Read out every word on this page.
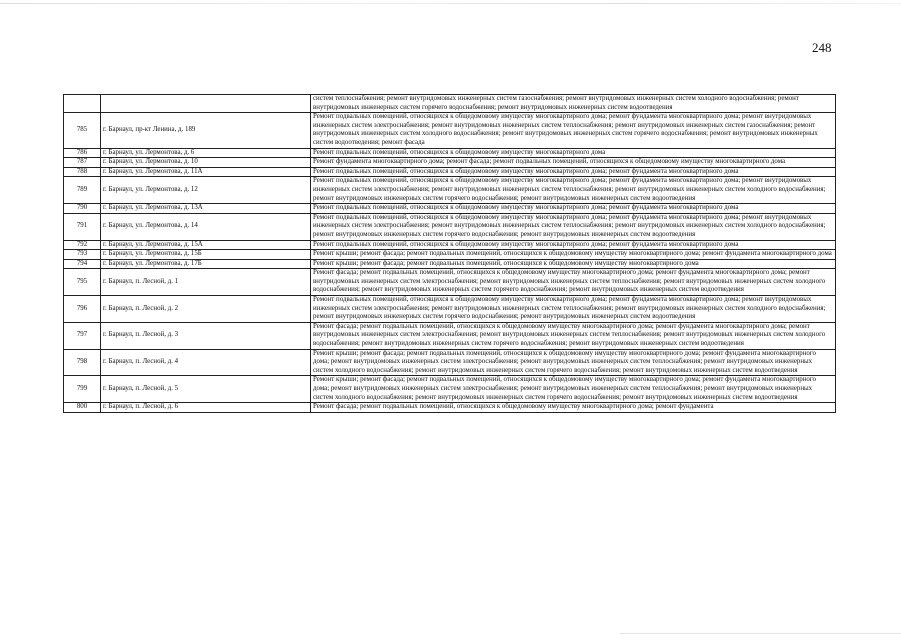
248
		систем теплоснабжения; ремонт внутридомовых инженерных систем газоснабжения; ремонт внутридомовых инженерных систем холодного водоснабжения; ремонт внутридомовых инженерных систем горячего водоснабжения; ремонт внутридомовых инженерных систем водоотведения
785	г. Барнаул, пр-кт Ленина, д. 189	Ремонт подвальных помещений, относящихся к общедомовому имуществу многоквартирного дома; ремонт фундамента многоквартирного дома; ремонт внутридомовых инженерных систем электроснабжения; ремонт внутридомовых инженерных систем теплоснабжения; ремонт внутридомовых инженерных систем газоснабжения; ремонт внутридомовых инженерных систем холодного водоснабжения; ремонт внутридомовых инженерных систем горячего водоснабжения; ремонт внутридомовых инженерных систем водоотведения; ремонт фасада
786	г. Барнаул, ул. Лермонтова, д. 6	Ремонт подвальных помещений, относящихся к общедомовому имуществу многоквартирного дома
787	г. Барнаул, ул. Лермонтова, д. 10	Ремонт фундамента многоквартирного дома; ремонт фасада; ремонт подвальных помещений, относящихся к общедомовому имуществу многоквартирного дома
788	г. Барнаул, ул. Лермонтова, д. 11А	Ремонт подвальных помещений, относящихся к общедомовому имуществу многоквартирного дома; ремонт фундамента многоквартирного дома
789	г. Барнаул, ул. Лермонтова, д. 12	Ремонт подвальных помещений, относящихся к общедомовому имуществу многоквартирного дома; ремонт фундамента многоквартирного дома; ремонт внутридомовых инженерных систем электроснабжения; ремонт внутридомовых инженерных систем теплоснабжения; ремонт внутридомовых инженерных систем холодного водоснабжения; ремонт внутридомовых инженерных систем горячего водоснабжения; ремонт внутридомовых инженерных систем водоотведения
790	г. Барнаул, ул. Лермонтова, д. 13А	Ремонт подвальных помещений, относящихся к общедомовому имуществу многоквартирного дома; ремонт фундамента многоквартирного дома
791	г. Барнаул, ул. Лермонтова, д. 14	Ремонт подвальных помещений, относящихся к общедомовому имуществу многоквартирного дома; ремонт фундамента многоквартирного дома; ремонт внутридомовых инженерных систем электроснабжения; ремонт внутридомовых инженерных систем теплоснабжения; ремонт внутридомовых инженерных систем холодного водоснабжения; ремонт внутридомовых инженерных систем горячего водоснабжения; ремонт внутридомовых инженерных систем водоотведения
792	г. Барнаул, ул. Лермонтова, д. 15А	Ремонт подвальных помещений, относящихся к общедомовому имуществу многоквартирного дома; ремонт фундамента многоквартирного дома
793	г. Барнаул, ул. Лермонтова, д. 15Б	Ремонт крыши; ремонт фасада; ремонт подвальных помещений, относящихся к общедомовому имуществу многоквартирного дома; ремонт фундамента многоквартирного дома
794	г. Барнаул, ул. Лермонтова, д. 17Б	Ремонт крыши; ремонт фасада; ремонт подвальных помещений, относящихся к общедомовому имуществу многоквартирного дома
795	г. Барнаул, п. Лесной, д. 1	Ремонт фасада; ремонт подвальных помещений, относящихся к общедомовому имуществу многоквартирного дома; ремонт фундамента многоквартирного дома; ремонт внутридомовых инженерных систем электроснабжения; ремонт внутридомовых инженерных систем теплоснабжения; ремонт внутридомовых инженерных систем холодного водоснабжения; ремонт внутридомовых инженерных систем горячего водоснабжения; ремонт внутридомовых инженерных систем водоотведения
796	г. Барнаул, п. Лесной, д. 2	Ремонт подвальных помещений, относящихся к общедомовому имуществу многоквартирного дома; ремонт фундамента многоквартирного дома; ремонт внутридомовых инженерных систем электроснабжения; ремонт внутридомовых инженерных систем теплоснабжения; ремонт внутридомовых инженерных систем холодного водоснабжения; ремонт внутридомовых инженерных систем горячего водоснабжения; ремонт внутридомовых инженерных систем водоотведения
797	г. Барнаул, п. Лесной, д. 3	Ремонт фасада; ремонт подвальных помещений, относящихся к общедомовому имуществу многоквартирного дома; ремонт фундамента многоквартирного дома; ремонт внутридомовых инженерных систем электроснабжения; ремонт внутридомовых инженерных систем теплоснабжения; ремонт внутридомовых инженерных систем холодного водоснабжения; ремонт внутридомовых инженерных систем горячего водоснабжения; ремонт внутридомовых инженерных систем водоотведения
798	г. Барнаул, п. Лесной, д. 4	Ремонт крыши; ремонт фасада; ремонт подвальных помещений, относящихся к общедомовому имуществу многоквартирного дома; ремонт фундамента многоквартирного дома; ремонт внутридомовых инженерных систем электроснабжения; ремонт внутридомовых инженерных систем теплоснабжения; ремонт внутридомовых инженерных систем холодного водоснабжения; ремонт внутридомовых инженерных систем горячего водоснабжения; ремонт внутридомовых инженерных систем водоотведения
799	г. Барнаул, п. Лесной, д. 5	Ремонт крыши; ремонт фасада; ремонт подвальных помещений, относящихся к общедомовому имуществу многоквартирного дома; ремонт фундамента многоквартирного дома; ремонт внутридомовых инженерных систем электроснабжения; ремонт внутридомовых инженерных систем теплоснабжения; ремонт внутридомовых инженерных систем холодного водоснабжения; ремонт внутридомовых инженерных систем горячего водоснабжения; ремонт внутридомовых инженерных систем водоотведения
800	г. Барнаул, п. Лесной, д. 6	Ремонт фасада; ремонт подвальных помещений, относящихся к общедомовому имуществу многоквартирного дома; ремонт фундамента
